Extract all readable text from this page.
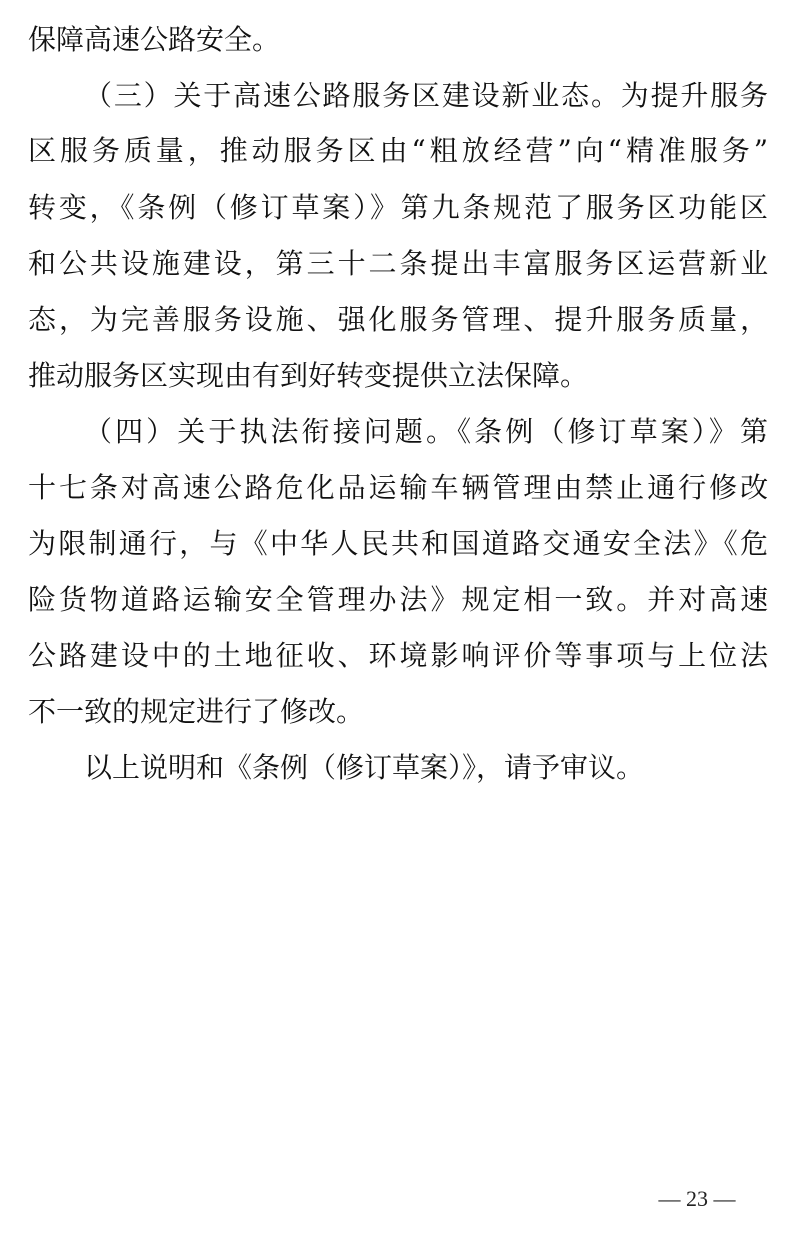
保障高速公路安全。
（三）关于高速公路服务区建设新业态。为提升服务
区服务质量，推动服务区由“粗放经营”向“精准服务”
转变，《条例（修订草案）》第九条规范了服务区功能区
和公共设施建设，第三十二条提出丰富服务区运营新业
态，为完善服务设施、强化服务管理、提升服务质量，
推动服务区实现由有到好转变提供立法保障。
（四）关于执法衔接问题。《条例（修订草案）》第
十七条对高速公路危化品运输车辆管理由禁止通行修改
为限制通行，与《中华人民共和国道路交通安全法》《危
险货物道路运输安全管理办法》规定相一致。并对高速
公路建设中的土地征收、环境影响评价等事项与上位法
不一致的规定进行了修改。
以上说明和《条例（修订草案）》，请予审议。
— 23 —
